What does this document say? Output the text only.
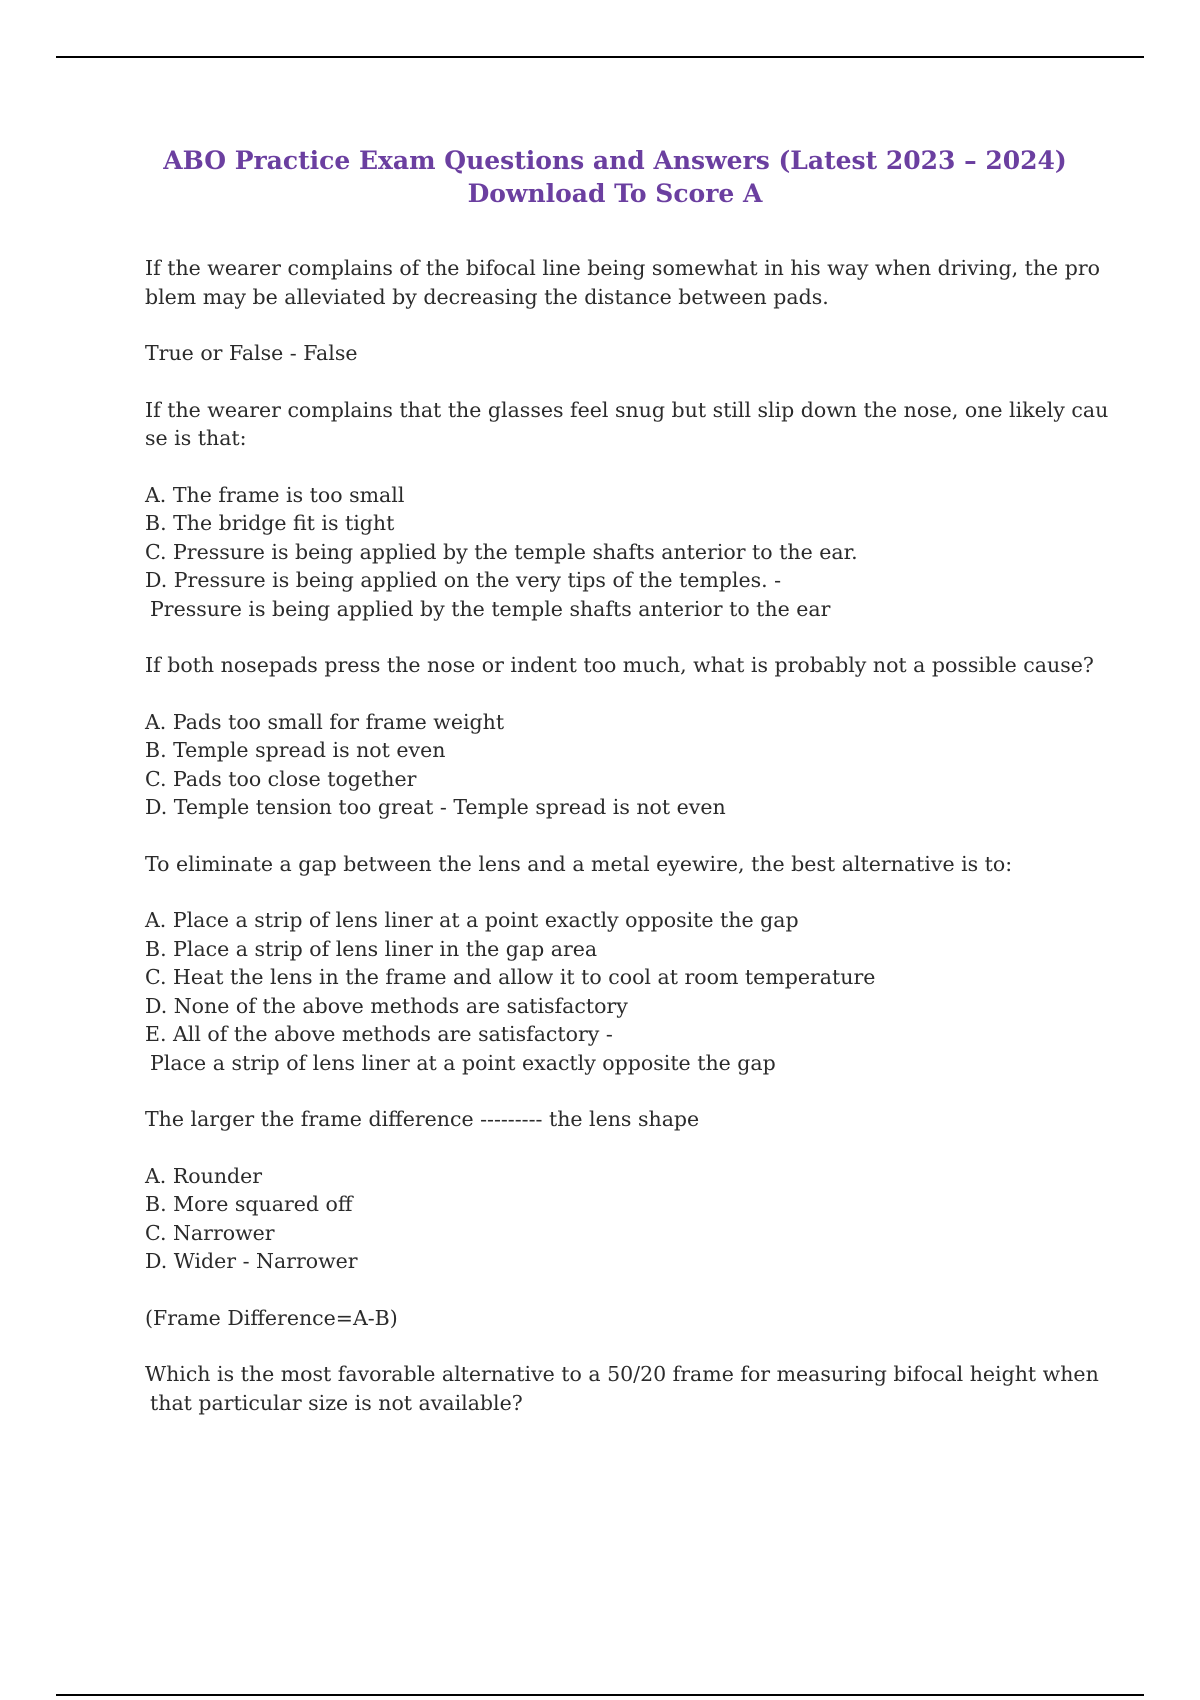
ABO Practice Exam Questions and Answers (Latest 2023 – 2024)
Download To Score A
If the wearer complains of the bifocal line being somewhat in his way when driving, the pro
blem may be alleviated by decreasing the distance between pads.
True or False - False
If the wearer complains that the glasses feel snug but still slip down the nose, one likely cau
se is that:
A. The frame is too small
B. The bridge fit is tight
C. Pressure is being applied by the temple shafts anterior to the ear.
D. Pressure is being applied on the very tips of the temples. -
Pressure is being applied by the temple shafts anterior to the ear
If both nosepads press the nose or indent too much, what is probably not a possible cause?
A. Pads too small for frame weight
B. Temple spread is not even
C. Pads too close together
D. Temple tension too great - Temple spread is not even
To eliminate a gap between the lens and a metal eyewire, the best alternative is to:
A. Place a strip of lens liner at a point exactly opposite the gap
B. Place a strip of lens liner in the gap area
C. Heat the lens in the frame and allow it to cool at room temperature
D. None of the above methods are satisfactory
E. All of the above methods are satisfactory -
Place a strip of lens liner at a point exactly opposite the gap
The larger the frame difference --------- the lens shape
A. Rounder
B. More squared off
C. Narrower
D. Wider - Narrower
(Frame Difference=A-B)
Which is the most favorable alternative to a 50/20 frame for measuring bifocal height when
that particular size is not available?
